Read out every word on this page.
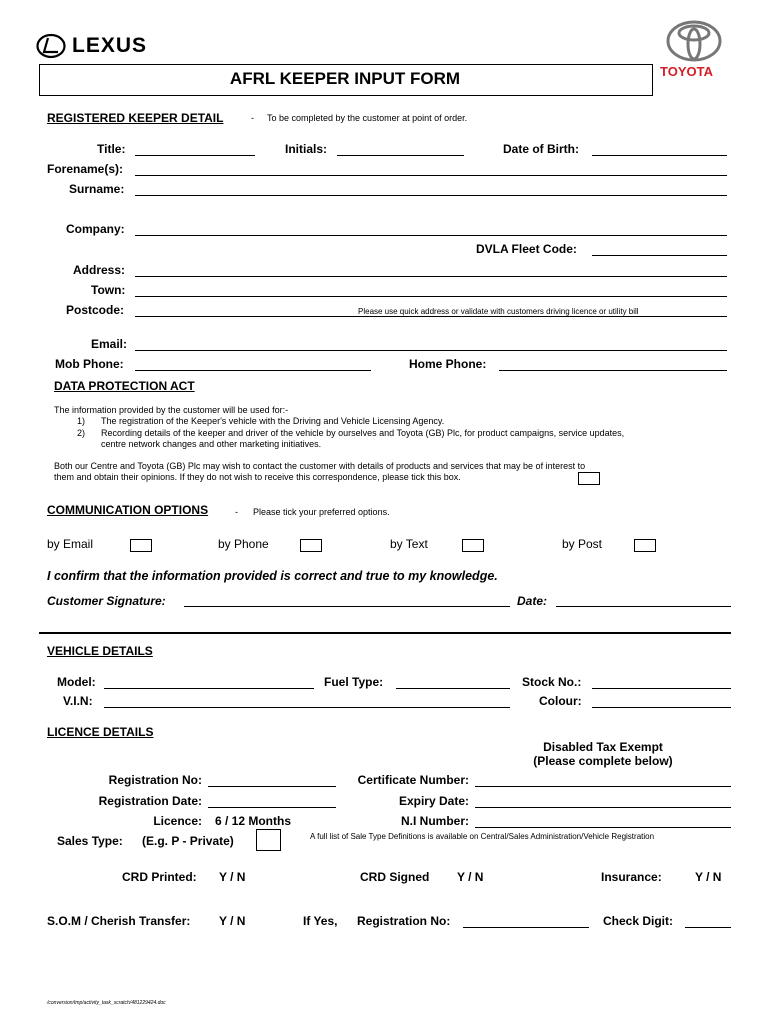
LEXUS
TOYOTA
AFRL KEEPER INPUT FORM
REGISTERED KEEPER DETAIL	- To be completed by the customer at point of order.
Title:	Initials:	Date of Birth:
Forename(s):
Surname:
Company:
DVLA Fleet Code:
Address:
Town:
Postcode:	Please use quick address or validate with customers driving licence or utility bill
Email:
Mob Phone:	Home Phone:
DATA PROTECTION ACT
The information provided by the customer will be used for:-
1) The registration of the Keeper's vehicle with the Driving and Vehicle Licensing Agency.
2) Recording details of the keeper and driver of the vehicle by ourselves and Toyota (GB) Plc, for product campaigns, service updates,
centre network changes and other marketing initiatives.
Both our Centre and Toyota (GB) Plc may wish to contact the customer with details of products and services that may be of interest to
them and obtain their opinions. If they do not wish to receive this correspondence, please tick this box.
COMMUNICATION OPTIONS	- Please tick your preferred options.
by Email	by Phone	by Text	by Post
I confirm that the information provided is correct and true to my knowledge.
Customer Signature:	Date:
VEHICLE DETAILS
Model:	Fuel Type:	Stock No.:
V.I.N:	Colour:
LICENCE DETAILS
Disabled Tax Exempt
(Please complete below)
Registration No:	Certificate Number:
Registration Date:	Expiry Date:
Licence: 6 / 12 Months	N.I Number:
Sales Type: (E.g. P - Private)	A full list of Sale Type Definitions is available on Central/Sales Administration/Vehicle Registration
CRD Printed: Y / N	CRD Signed Y / N	Insurance:	Y / N
S.O.M / Cherish Transfer: Y / N	If Yes, Registration No:	Check Digit:
/conversion/tmp/activity_task_scratch/481229424.doc
